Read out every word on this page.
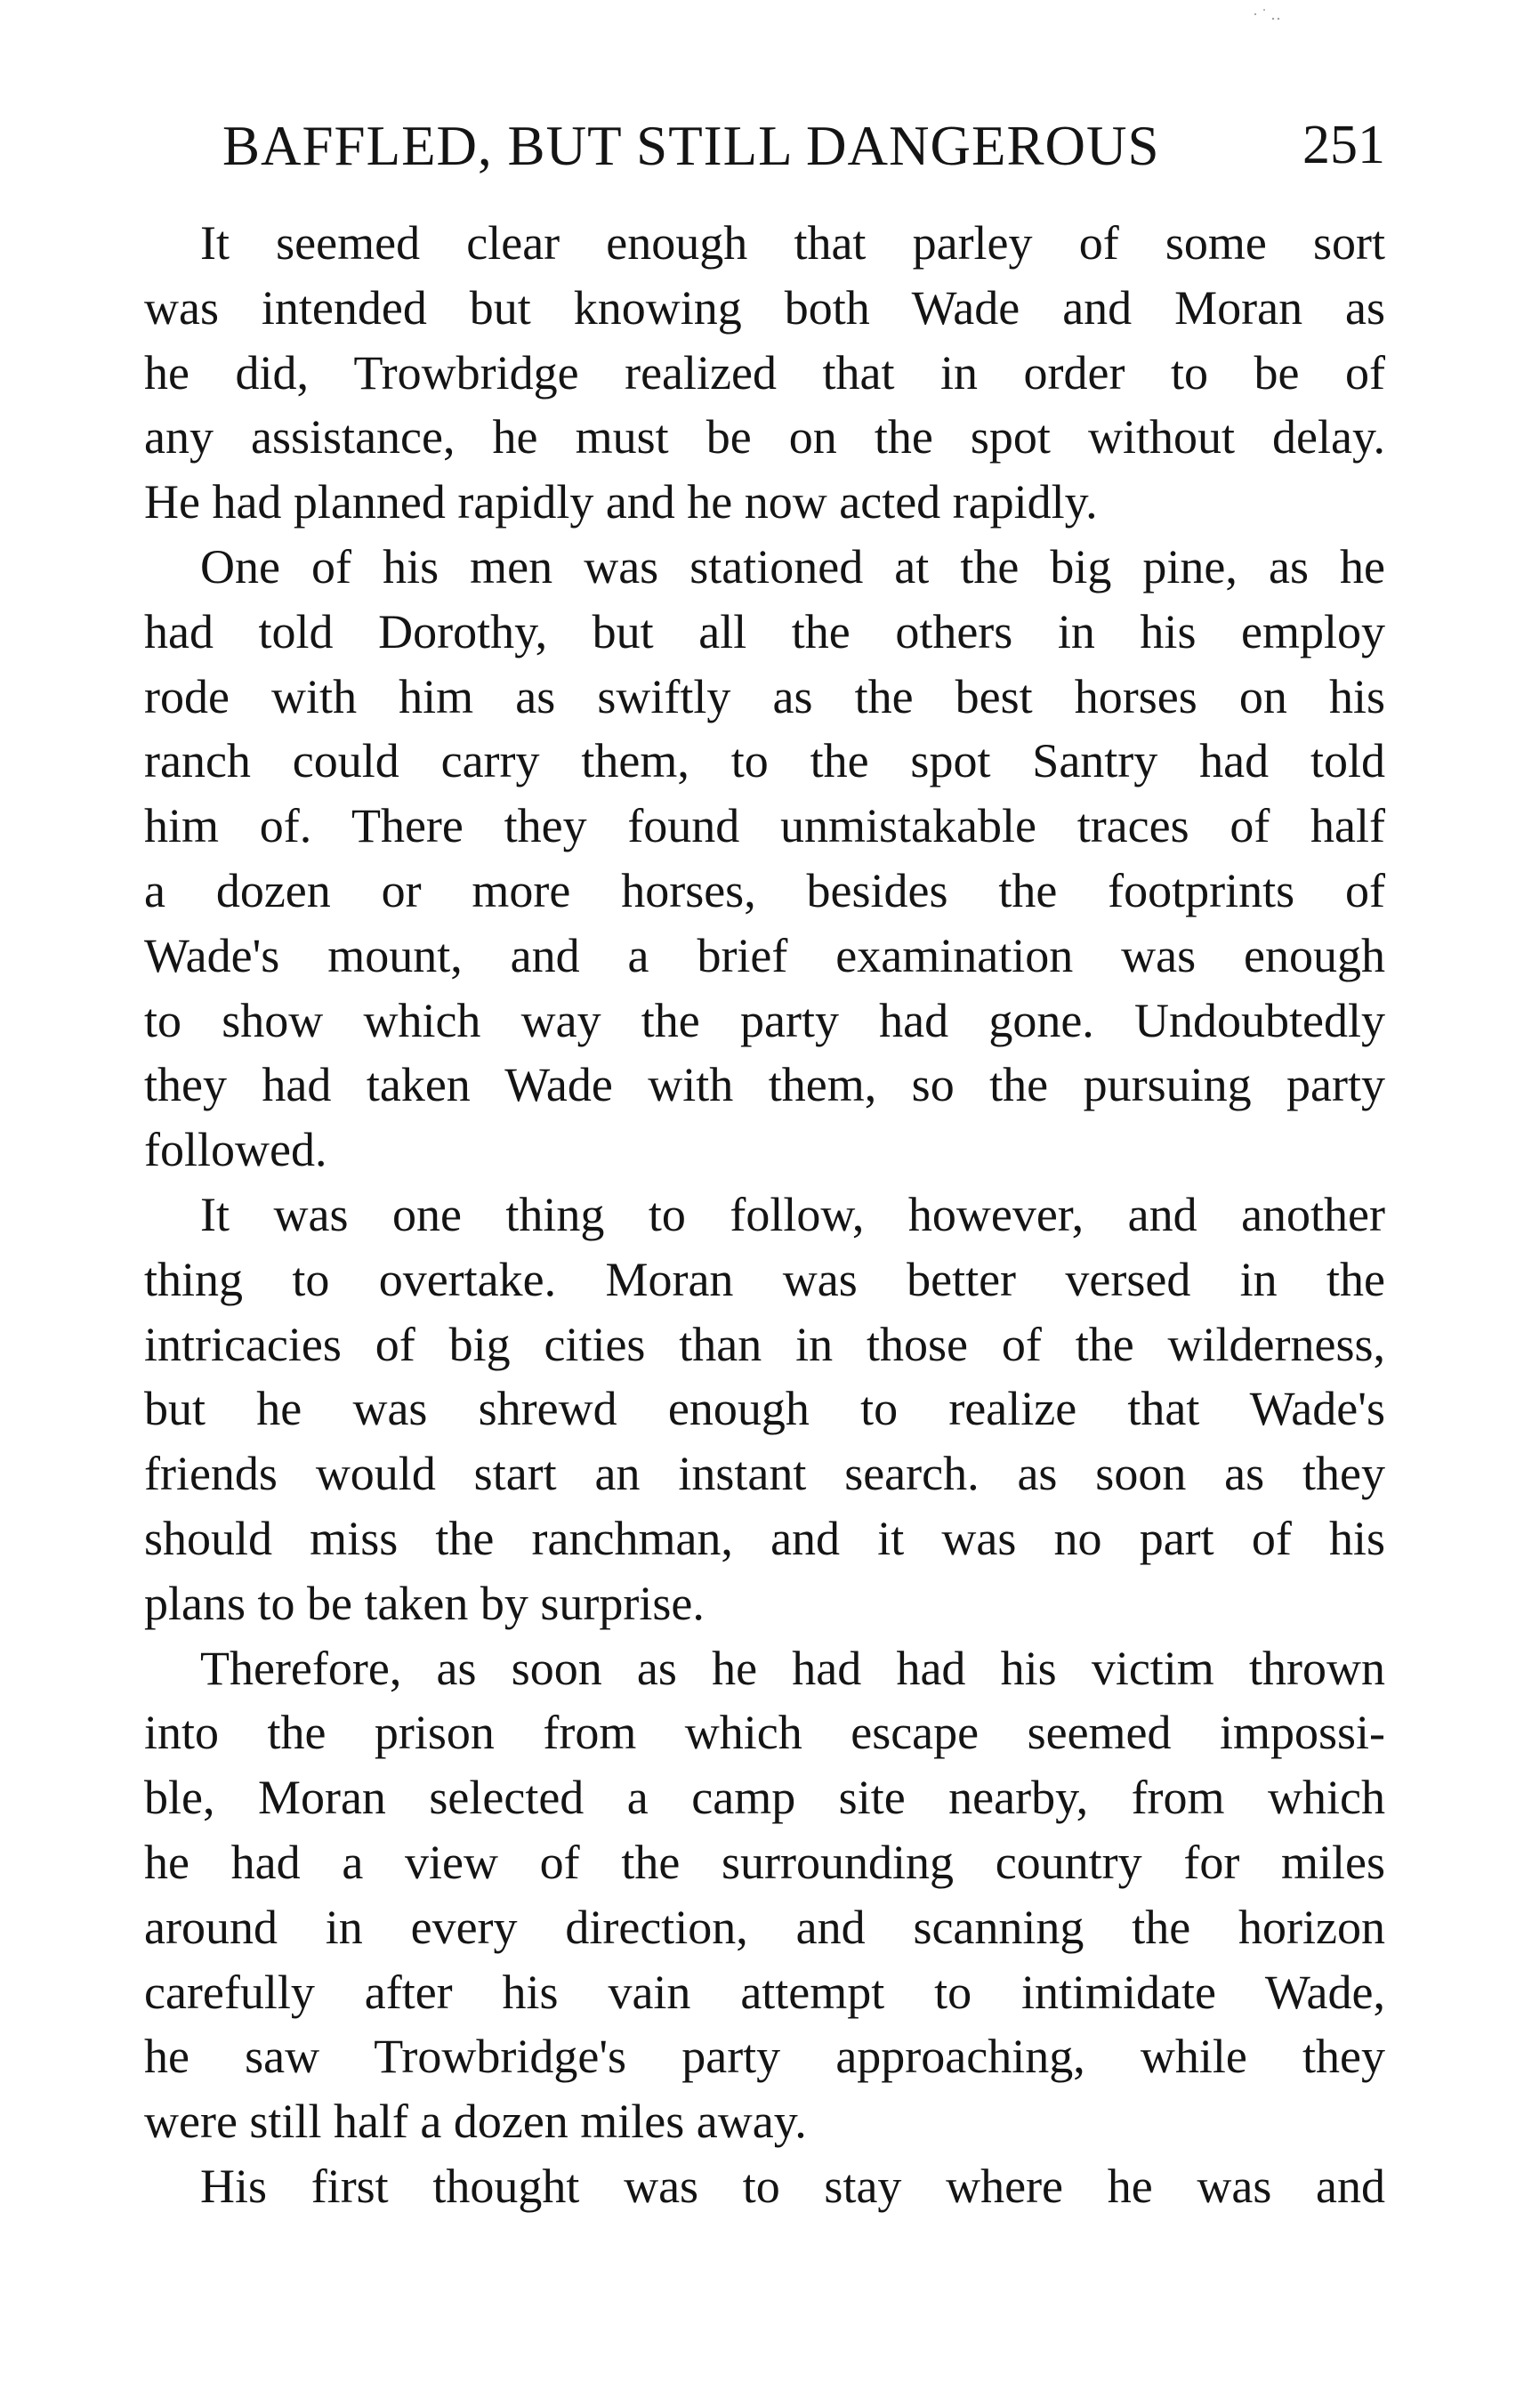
·˙‥
BAFFLED, BUT STILL DANGEROUS	251
It seemed clear enough that parley of some sort
was intended but knowing both Wade and Moran as
he did, Trowbridge realized that in order to be of
any assistance, he must be on the spot without delay.
He had planned rapidly and he now acted rapidly.
One of his men was stationed at the big pine, as he
had told Dorothy, but all the others in his employ
rode with him as swiftly as the best horses on his
ranch could carry them, to the spot Santry had told
him of. There they found unmistakable traces of half
a dozen or more horses, besides the footprints of
Wade's mount, and a brief examination was enough
to show which way the party had gone. Undoubtedly
they had taken Wade with them, so the pursuing party
followed.
It was one thing to follow, however, and another
thing to overtake. Moran was better versed in the
intricacies of big cities than in those of the wilderness,
but he was shrewd enough to realize that Wade's
friends would start an instant search. as soon as they
should miss the ranchman, and it was no part of his
plans to be taken by surprise.
Therefore, as soon as he had had his victim thrown
into the prison from which escape seemed impossi-
ble, Moran selected a camp site nearby, from which
he had a view of the surrounding country for miles
around in every direction, and scanning the horizon
carefully after his vain attempt to intimidate Wade,
he saw Trowbridge's party approaching, while they
were still half a dozen miles away.
His first thought was to stay where he was and
